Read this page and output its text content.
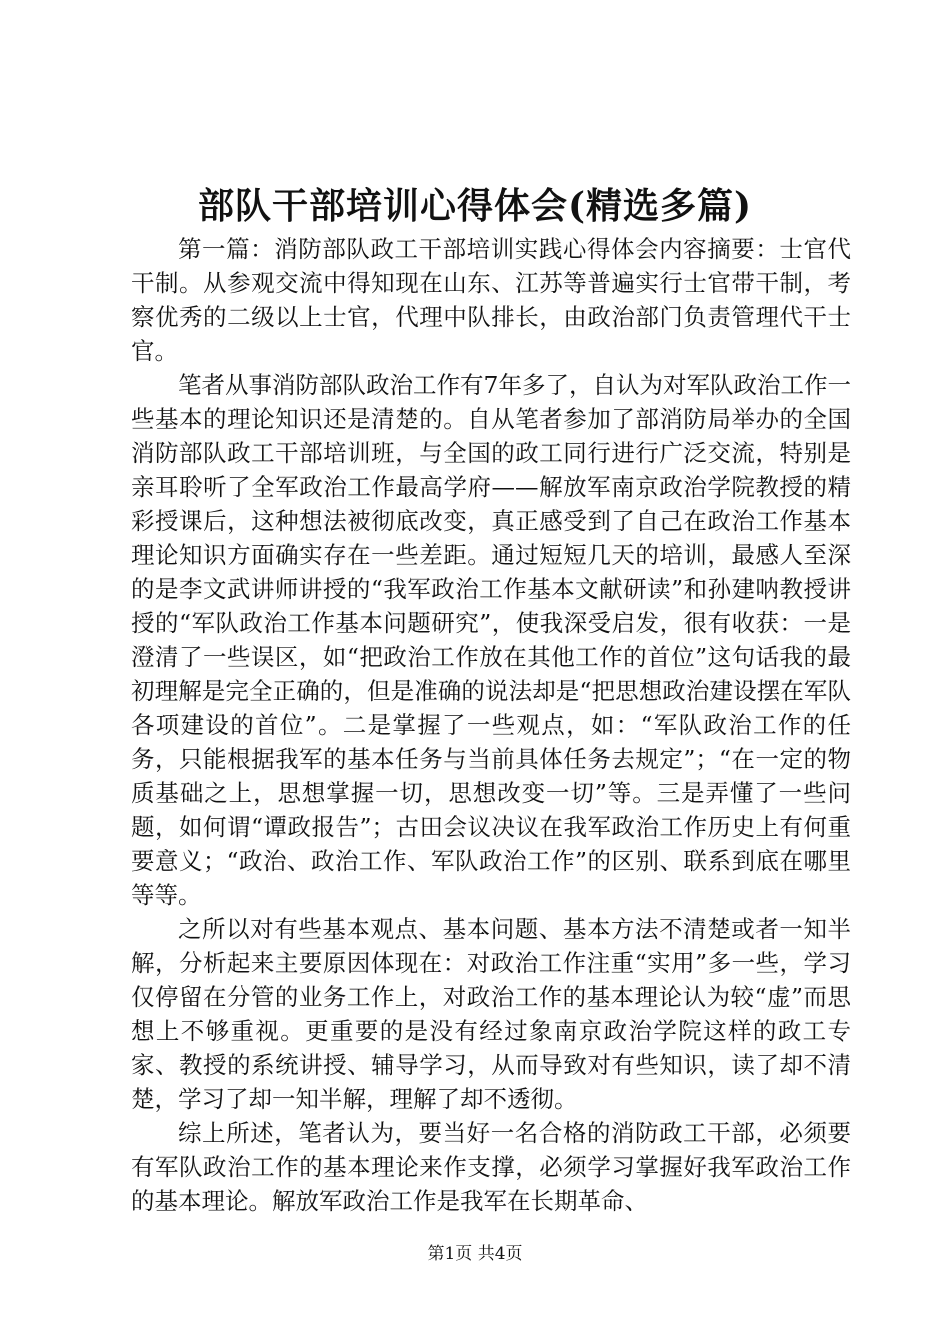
部队干部培训心得体会(精选多篇)

第一篇：消防部队政工干部培训实践心得体会内容摘要：士官代干制。从参观交流中得知现在山东、江苏等普遍实行士官带干制，考察优秀的二级以上士官，代理中队排长，由政治部门负责管理代干士官。

笔者从事消防部队政治工作有7年多了，自认为对军队政治工作一些基本的理论知识还是清楚的。自从笔者参加了部消防局举办的全国消防部队政工干部培训班，与全国的政工同行进行广泛交流，特别是亲耳聆听了全军政治工作最高学府——解放军南京政治学院教授的精彩授课后，这种想法被彻底改变，真正感受到了自己在政治工作基本理论知识方面确实存在一些差距。通过短短几天的培训，最感人至深的是李文武讲师讲授的“我军政治工作基本文献研读”和孙建呐教授讲授的“军队政治工作基本问题研究”，使我深受启发，很有收获：一是澄清了一些误区，如“把政治工作放在其他工作的首位”这句话我的最初理解是完全正确的，但是准确的说法却是“把思想政治建设摆在军队各项建设的首位”。二是掌握了一些观点，如：“军队政治工作的任务，只能根据我军的基本任务与当前具体任务去规定”；“在一定的物质基础之上，思想掌握一切，思想改变一切”等。三是弄懂了一些问题，如何谓“谭政报告”；古田会议决议在我军政治工作历史上有何重要意义；“政治、政治工作、军队政治工作”的区别、联系到底在哪里等等。

之所以对有些基本观点、基本问题、基本方法不清楚或者一知半解，分析起来主要原因体现在：对政治工作注重“实用”多一些，学习仅停留在分管的业务工作上，对政治工作的基本理论认为较“虚”而思想上不够重视。更重要的是没有经过象南京政治学院这样的政工专家、教授的系统讲授、辅导学习，从而导致对有些知识，读了却不清楚，学习了却一知半解，理解了却不透彻。

综上所述，笔者认为，要当好一名合格的消防政工干部，必须要有军队政治工作的基本理论来作支撑，必须学习掌握好我军政治工作的基本理论。解放军政治工作是我军在长期革命、

第1页 共4页
